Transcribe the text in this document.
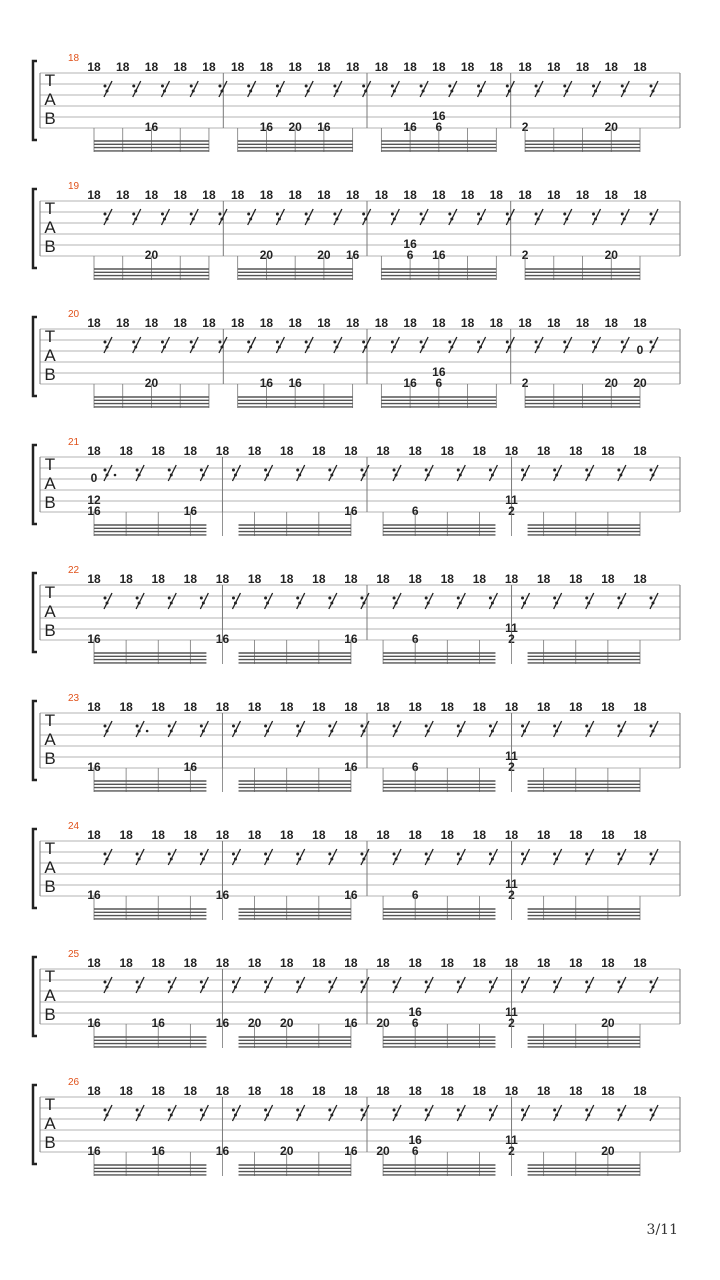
T
A
B
18
18 18 18
16
18 18 18 18
16
18
20
18
16
18 18 18
16
18
16
6
18 18 18
2
18 18 18
20
18
T
A
B
19
18 18 18
20
18 18 18 18
20
18 18
20
18
16
18 18
16
6
18
16
18 18 18
2
18 18 18
20
18
T
A
B
20
18 18 18
20
18 18 18 18
16
18
16
18 18 18 18
16
18
16
6
18 18 18
2
18 18 18
20
18
0
20
T
A
B
21
18
0
12
16
18 18 18
16
18 18 18 18 18
16
18 18
6
18 18 18
11
2
18 18 18 18
T
A
B
22
18
16
18 18 18 18
16
18 18 18 18
16
18 18
6
18 18 18
11
2
18 18 18 18
T
A
B
23
18
16
18 18 18
16
18 18 18 18 18
16
18 18
6
18 18 18
11
2
18 18 18 18
T
A
B
24
18
16
18 18 18 18
16
18 18 18 18
16
18 18
6
18 18 18
11
2
18 18 18 18
T
A
B
25
18
16
18 18
16
18 18
16
18
20
18
20
18 18
16
18
20
18
16
6
18 18 18
11
2
18 18 18
20
18
T
A
B
26
18
16
18 18
16
18 18
16
18 18
20
18 18
16
18
20
18
16
6
18 18 18
11
2
18 18 18
20
18
3/11
